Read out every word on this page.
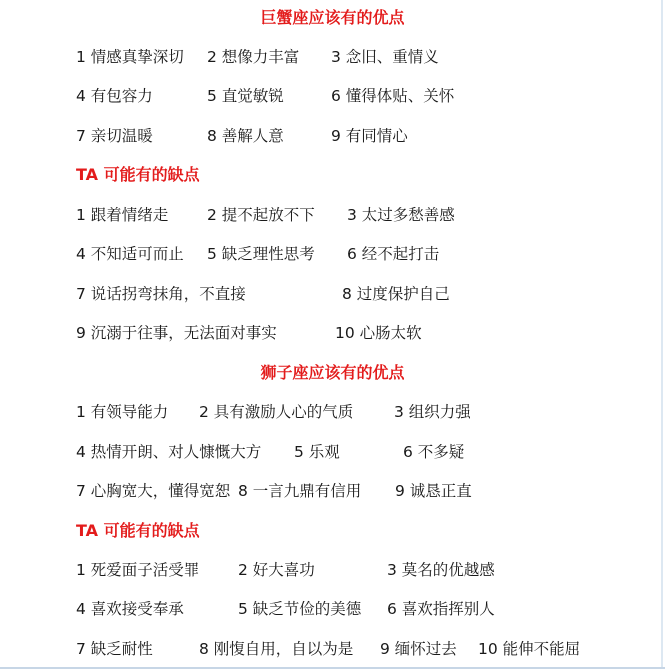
巨蟹座应该有的优点
1 情感真挚深切 2 想像力丰富 3 念旧、重情义
4 有包容力	5 直觉敏锐	6 懂得体贴、关怀
7 亲切温暖	8 善解人意	9 有同情心
TA 可能有的缺点
1 跟着情绪走 2 提不起放不下 3 太过多愁善感
4 不知适可而止 5 缺乏理性思考 6 经不起打击
7 说话拐弯抹角，不直接	8 过度保护自己
9 沉溺于往事，无法面对事实	10 心肠太软
狮子座应该有的优点
1 有领导能力 2 具有激励人心的气质	3 组织力强
4 热情开朗、对人慷慨大方 5 乐观	6 不多疑
7 心胸宽大，懂得宽恕 8 一言九鼎有信用 9 诚恳正直
TA 可能有的缺点
1 死爱面子活受罪 2 好大喜功	3 莫名的优越感
4 喜欢接受奉承	5 缺乏节俭的美德 6 喜欢指挥别人
7 缺乏耐性	8 刚愎自用，自以为是 9 缅怀过去 10 能伸不能屈
